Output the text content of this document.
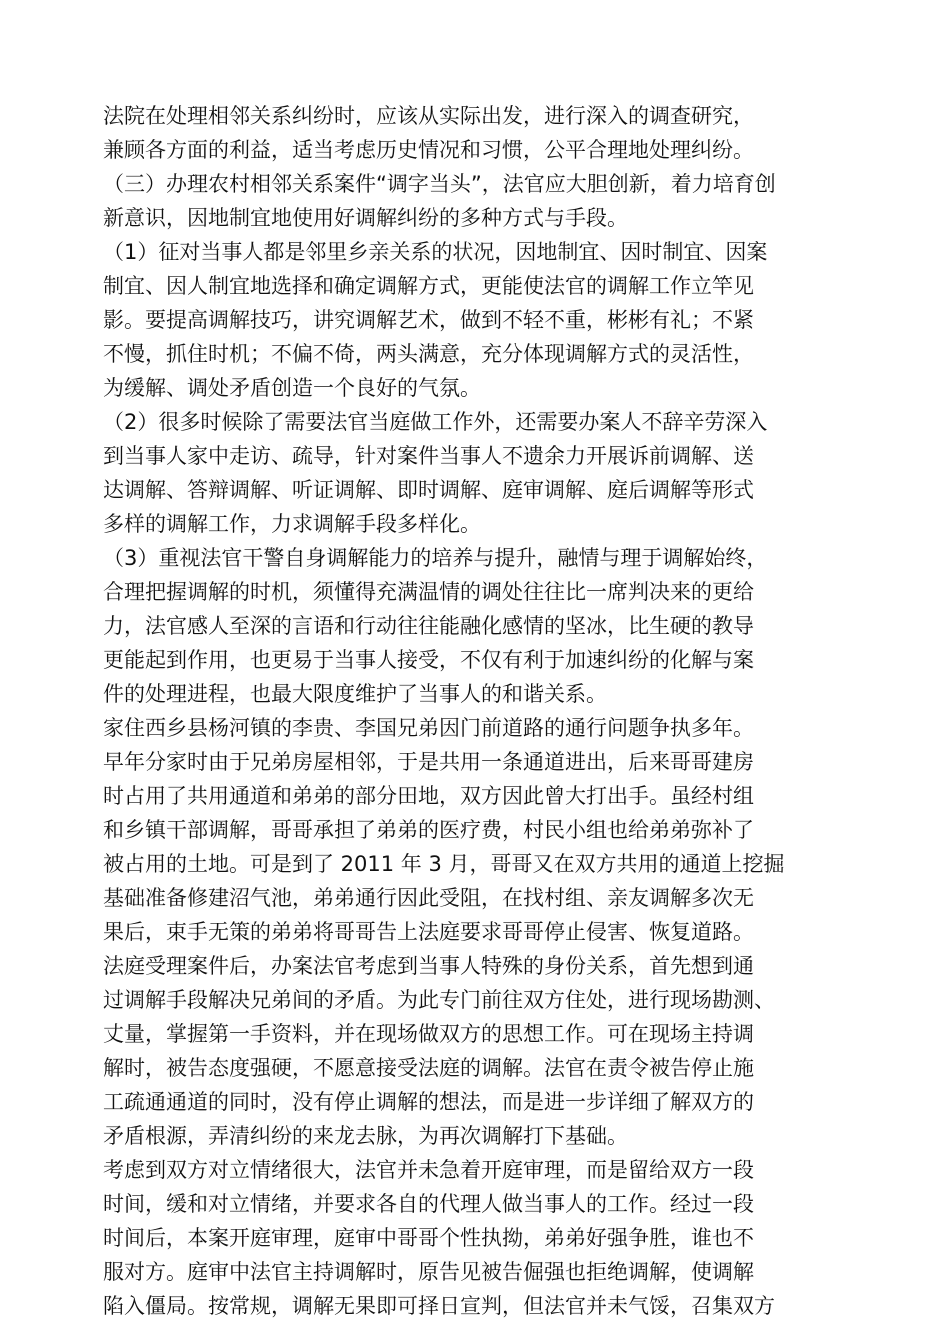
法院在处理相邻关系纠纷时，应该从实际出发，进行深入的调查研究，
兼顾各方面的利益，适当考虑历史情况和习惯，公平合理地处理纠纷。
（三）办理农村相邻关系案件“调字当头”，法官应大胆创新，着力培育创
新意识，因地制宜地使用好调解纠纷的多种方式与手段。
（1）征对当事人都是邻里乡亲关系的状况，因地制宜、因时制宜、因案
制宜、因人制宜地选择和确定调解方式，更能使法官的调解工作立竿见
影。要提高调解技巧，讲究调解艺术，做到不轻不重，彬彬有礼；不紧
不慢，抓住时机；不偏不倚，两头满意，充分体现调解方式的灵活性，
为缓解、调处矛盾创造一个良好的气氛。
（2）很多时候除了需要法官当庭做工作外，还需要办案人不辞辛劳深入
到当事人家中走访、疏导，针对案件当事人不遗余力开展诉前调解、送
达调解、答辩调解、听证调解、即时调解、庭审调解、庭后调解等形式
多样的调解工作，力求调解手段多样化。
（3）重视法官干警自身调解能力的培养与提升，融情与理于调解始终，
合理把握调解的时机，须懂得充满温情的调处往往比一席判决来的更给
力，法官感人至深的言语和行动往往能融化感情的坚冰，比生硬的教导
更能起到作用，也更易于当事人接受，不仅有利于加速纠纷的化解与案
件的处理进程，也最大限度维护了当事人的和谐关系。
家住西乡县杨河镇的李贵、李国兄弟因门前道路的通行问题争执多年。
早年分家时由于兄弟房屋相邻，于是共用一条通道进出，后来哥哥建房
时占用了共用通道和弟弟的部分田地，双方因此曾大打出手。虽经村组
和乡镇干部调解，哥哥承担了弟弟的医疗费，村民小组也给弟弟弥补了
被占用的土地。可是到了 2011 年 3 月，哥哥又在双方共用的通道上挖掘
基础准备修建沼气池，弟弟通行因此受阻，在找村组、亲友调解多次无
果后，束手无策的弟弟将哥哥告上法庭要求哥哥停止侵害、恢复道路。
法庭受理案件后，办案法官考虑到当事人特殊的身份关系，首先想到通
过调解手段解决兄弟间的矛盾。为此专门前往双方住处，进行现场勘测、
丈量，掌握第一手资料，并在现场做双方的思想工作。可在现场主持调
解时，被告态度强硬，不愿意接受法庭的调解。法官在责令被告停止施
工疏通通道的同时，没有停止调解的想法，而是进一步详细了解双方的
矛盾根源，弄清纠纷的来龙去脉，为再次调解打下基础。
考虑到双方对立情绪很大，法官并未急着开庭审理，而是留给双方一段
时间，缓和对立情绪，并要求各自的代理人做当事人的工作。经过一段
时间后，本案开庭审理，庭审中哥哥个性执拗，弟弟好强争胜，谁也不
服对方。庭审中法官主持调解时，原告见被告倔强也拒绝调解，使调解
陷入僵局。按常规，调解无果即可择日宣判，但法官并未气馁，召集双方
